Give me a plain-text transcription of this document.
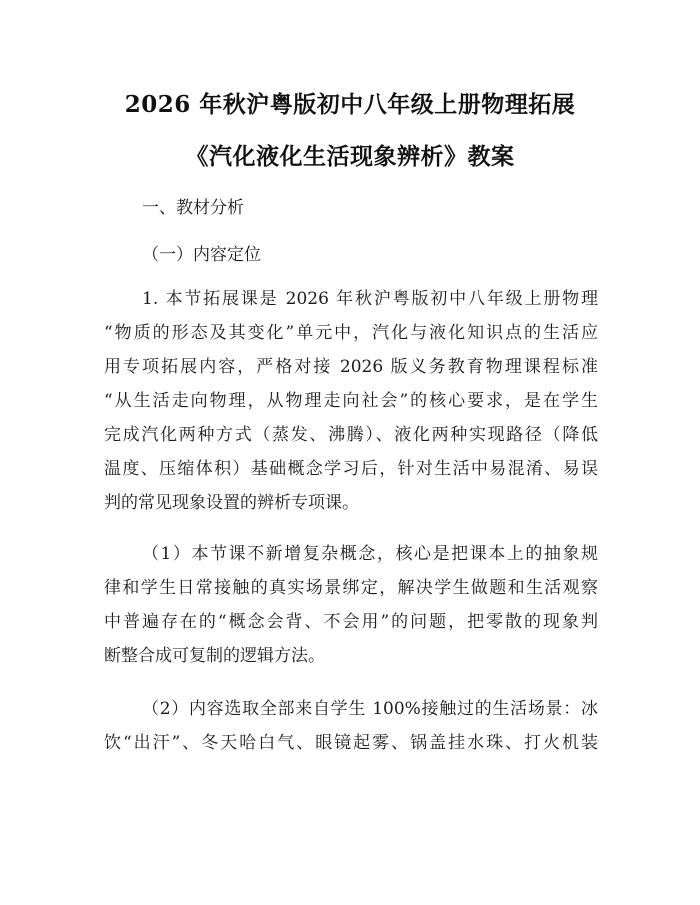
2026 年秋沪粤版初中八年级上册物理拓展
《汽化液化生活现象辨析》教案
一、教材分析
（一）内容定位
1. 本节拓展课是 2026 年秋沪粤版初中八年级上册物理
“物质的形态及其变化”单元中，汽化与液化知识点的生活应
用专项拓展内容，严格对接 2026 版义务教育物理课程标准
“从生活走向物理，从物理走向社会”的核心要求，是在学生
完成汽化两种方式（蒸发、沸腾）、液化两种实现路径（降低
温度、压缩体积）基础概念学习后，针对生活中易混淆、易误
判的常见现象设置的辨析专项课。
（1）本节课不新增复杂概念，核心是把课本上的抽象规
律和学生日常接触的真实场景绑定，解决学生做题和生活观察
中普遍存在的“概念会背、不会用”的问题，把零散的现象判
断整合成可复制的逻辑方法。
（2）内容选取全部来自学生 100%接触过的生活场景：冰
饮“出汗”、冬天哈白气、眼镜起雾、锅盖挂水珠、打火机装
